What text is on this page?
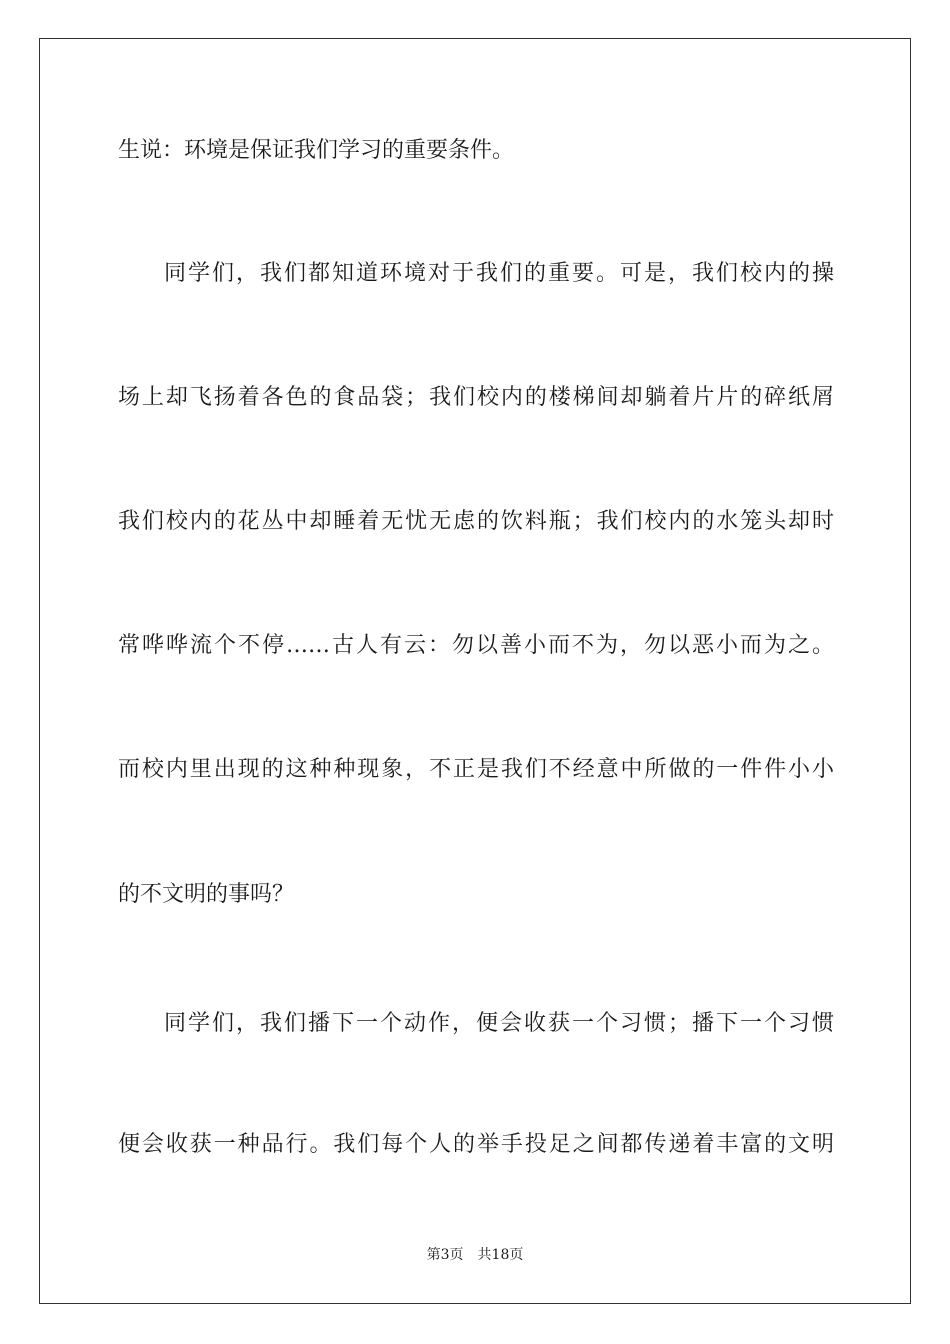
生说：环境是保证我们学习的重要条件。
同学们，我们都知道环境对于我们的重要。可是，我们校内的操
场上却飞扬着各色的食品袋；我们校内的楼梯间却躺着片片的碎纸屑
我们校内的花丛中却睡着无忧无虑的饮料瓶；我们校内的水笼头却时
常哗哗流个不停……古人有云：勿以善小而不为，勿以恶小而为之。
而校内里出现的这种种现象，不正是我们不经意中所做的一件件小小
的不文明的事吗？
同学们，我们播下一个动作，便会收获一个习惯；播下一个习惯
便会收获一种品行。我们每个人的举手投足之间都传递着丰富的文明
第3页 共18页
